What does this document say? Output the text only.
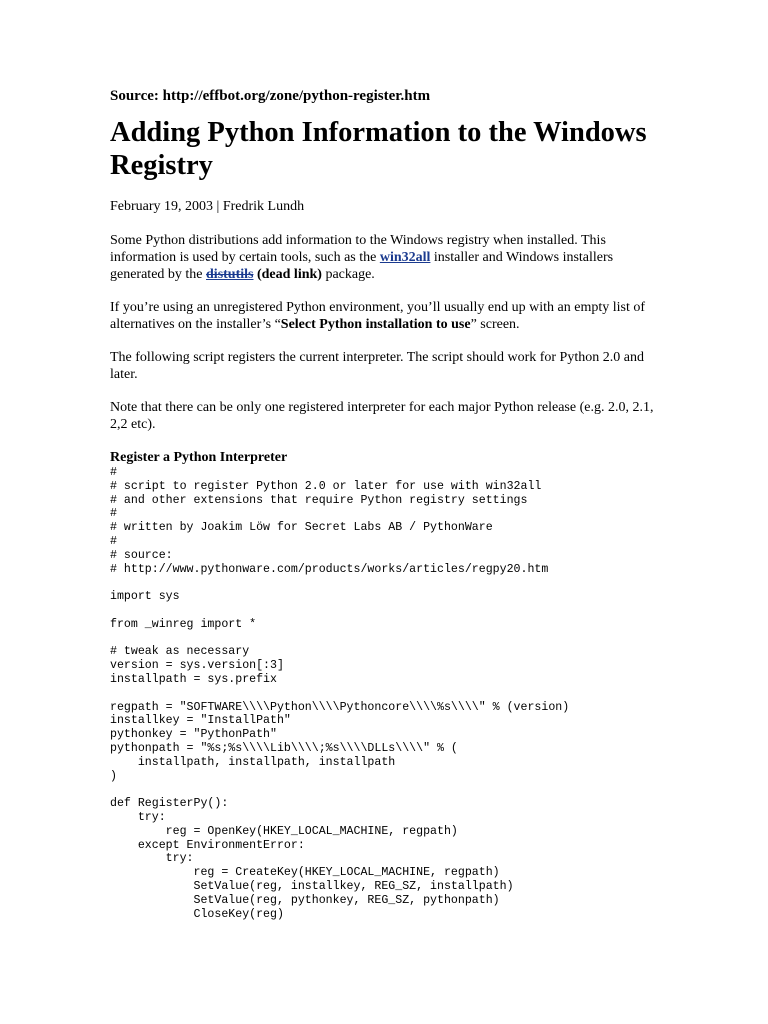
Source: http://effbot.org/zone/python-register.htm
Adding Python Information to the Windows Registry
February 19, 2003 | Fredrik Lundh

Some Python distributions add information to the Windows registry when installed. This information is used by certain tools, such as the win32all installer and Windows installers generated by the distutils (dead link) package.

If you’re using an unregistered Python environment, you’ll usually end up with an empty list of alternatives on the installer’s “Select Python installation to use” screen.

The following script registers the current interpreter. The script should work for Python 2.0 and later.

Note that there can be only one registered interpreter for each major Python release (e.g. 2.0, 2.1, 2,2 etc).

Register a Python Interpreter
#
# script to register Python 2.0 or later for use with win32all
# and other extensions that require Python registry settings
#
# written by Joakim Löw for Secret Labs AB / PythonWare
#
# source:
# http://www.pythonware.com/products/works/articles/regpy20.htm

import sys

from _winreg import *

# tweak as necessary
version = sys.version[:3]
installpath = sys.prefix

regpath = "SOFTWARE\\\\Python\\\\Pythoncore\\\\%s\\\\" % (version)
installkey = "InstallPath"
pythonkey = "PythonPath"
pythonpath = "%s;%s\\\\Lib\\\\;%s\\\\DLLs\\\\" % (
installpath, installpath, installpath
)

def RegisterPy():
try:
reg = OpenKey(HKEY_LOCAL_MACHINE, regpath)
except EnvironmentError:
try:
reg = CreateKey(HKEY_LOCAL_MACHINE, regpath)
SetValue(reg, installkey, REG_SZ, installpath)
SetValue(reg, pythonkey, REG_SZ, pythonpath)
CloseKey(reg)
